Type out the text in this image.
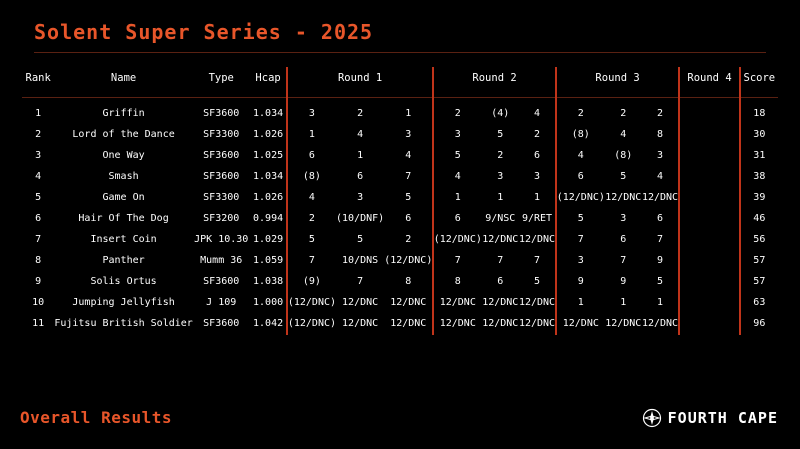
Solent Super Series - 2025
Rank	Name	Type	Hcap		Round 1				Round 2				Round 3				Round 4				Score

1	Griffin	SF3600	1.034		3	2	1		2	(4)	4		2	2	2						18
2	Lord of the Dance	SF3300	1.026		1	4	3		3	5	2		(8)	4	8						30
3	One Way	SF3600	1.025		6	1	4		5	2	6		4	(8)	3						31
4	Smash	SF3600	1.034		(8)	6	7		4	3	3		6	5	4						38
5	Game On	SF3300	1.026		4	3	5		1	1	1		(12/DNC)	12/DNC	12/DNC						39
6	Hair Of The Dog	SF3200	0.994		2	(10/DNF)	6		6	9/NSC	9/RET		5	3	6						46
7	Insert Coin	JPK 10.30	1.029		5	5	2		(12/DNC)	12/DNC	12/DNC		7	6	7						56
8	Panther	Mumm 36	1.059		7	10/DNS	(12/DNC)		7	7	7		3	7	9						57
9	Solis Ortus	SF3600	1.038		(9)	7	8		8	6	5		9	9	5						57
10	Jumping Jellyfish	J 109	1.000		(12/DNC)	12/DNC	12/DNC		12/DNC	12/DNC	12/DNC		1	1	1						63
11	Fujitsu British Soldier	SF3600	1.042		(12/DNC)	12/DNC	12/DNC		12/DNC	12/DNC	12/DNC		12/DNC	12/DNC	12/DNC						96
Overall Results	FOURTH CAPE
